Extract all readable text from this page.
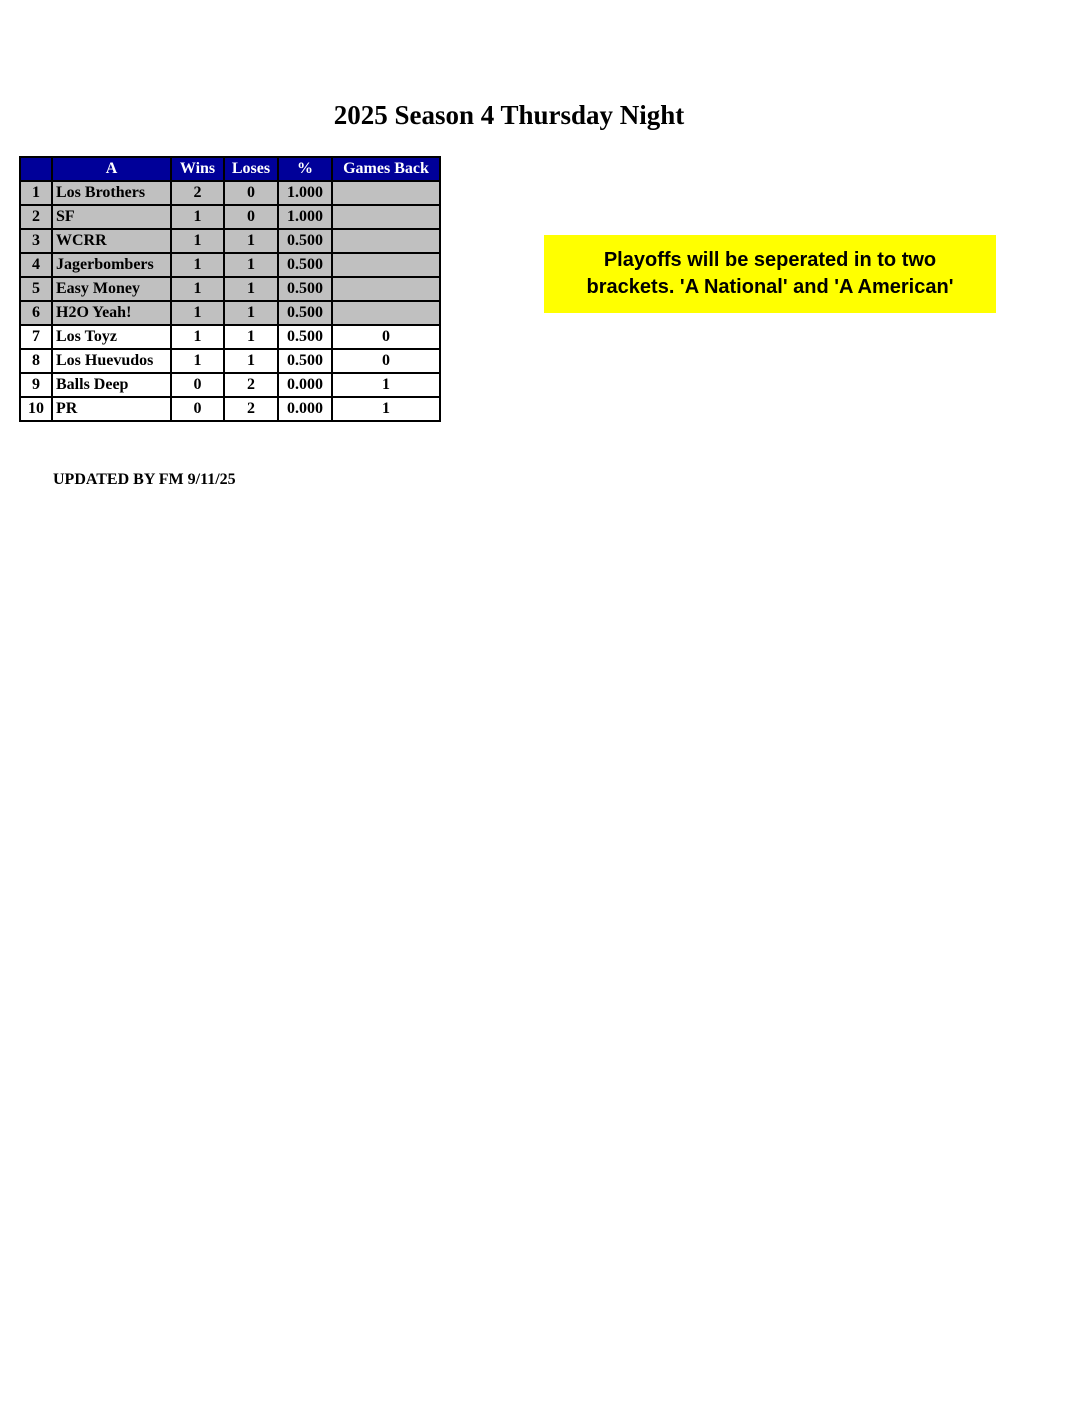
2025 Season 4 Thursday Night
	A	Wins	Loses	%	Games Back
1	Los Brothers	2	0	1.000	
2	SF	1	0	1.000	
3	WCRR	1	1	0.500	
4	Jagerbombers	1	1	0.500	
5	Easy Money	1	1	0.500	
6	H2O Yeah!	1	1	0.500	
7	Los Toyz	1	1	0.500	0
8	Los Huevudos	1	1	0.500	0
9	Balls Deep	0	2	0.000	1
10	PR	0	2	0.000	1
Playoffs will be seperated in to two
brackets. 'A National' and 'A American'
UPDATED BY FM 9/11/25
